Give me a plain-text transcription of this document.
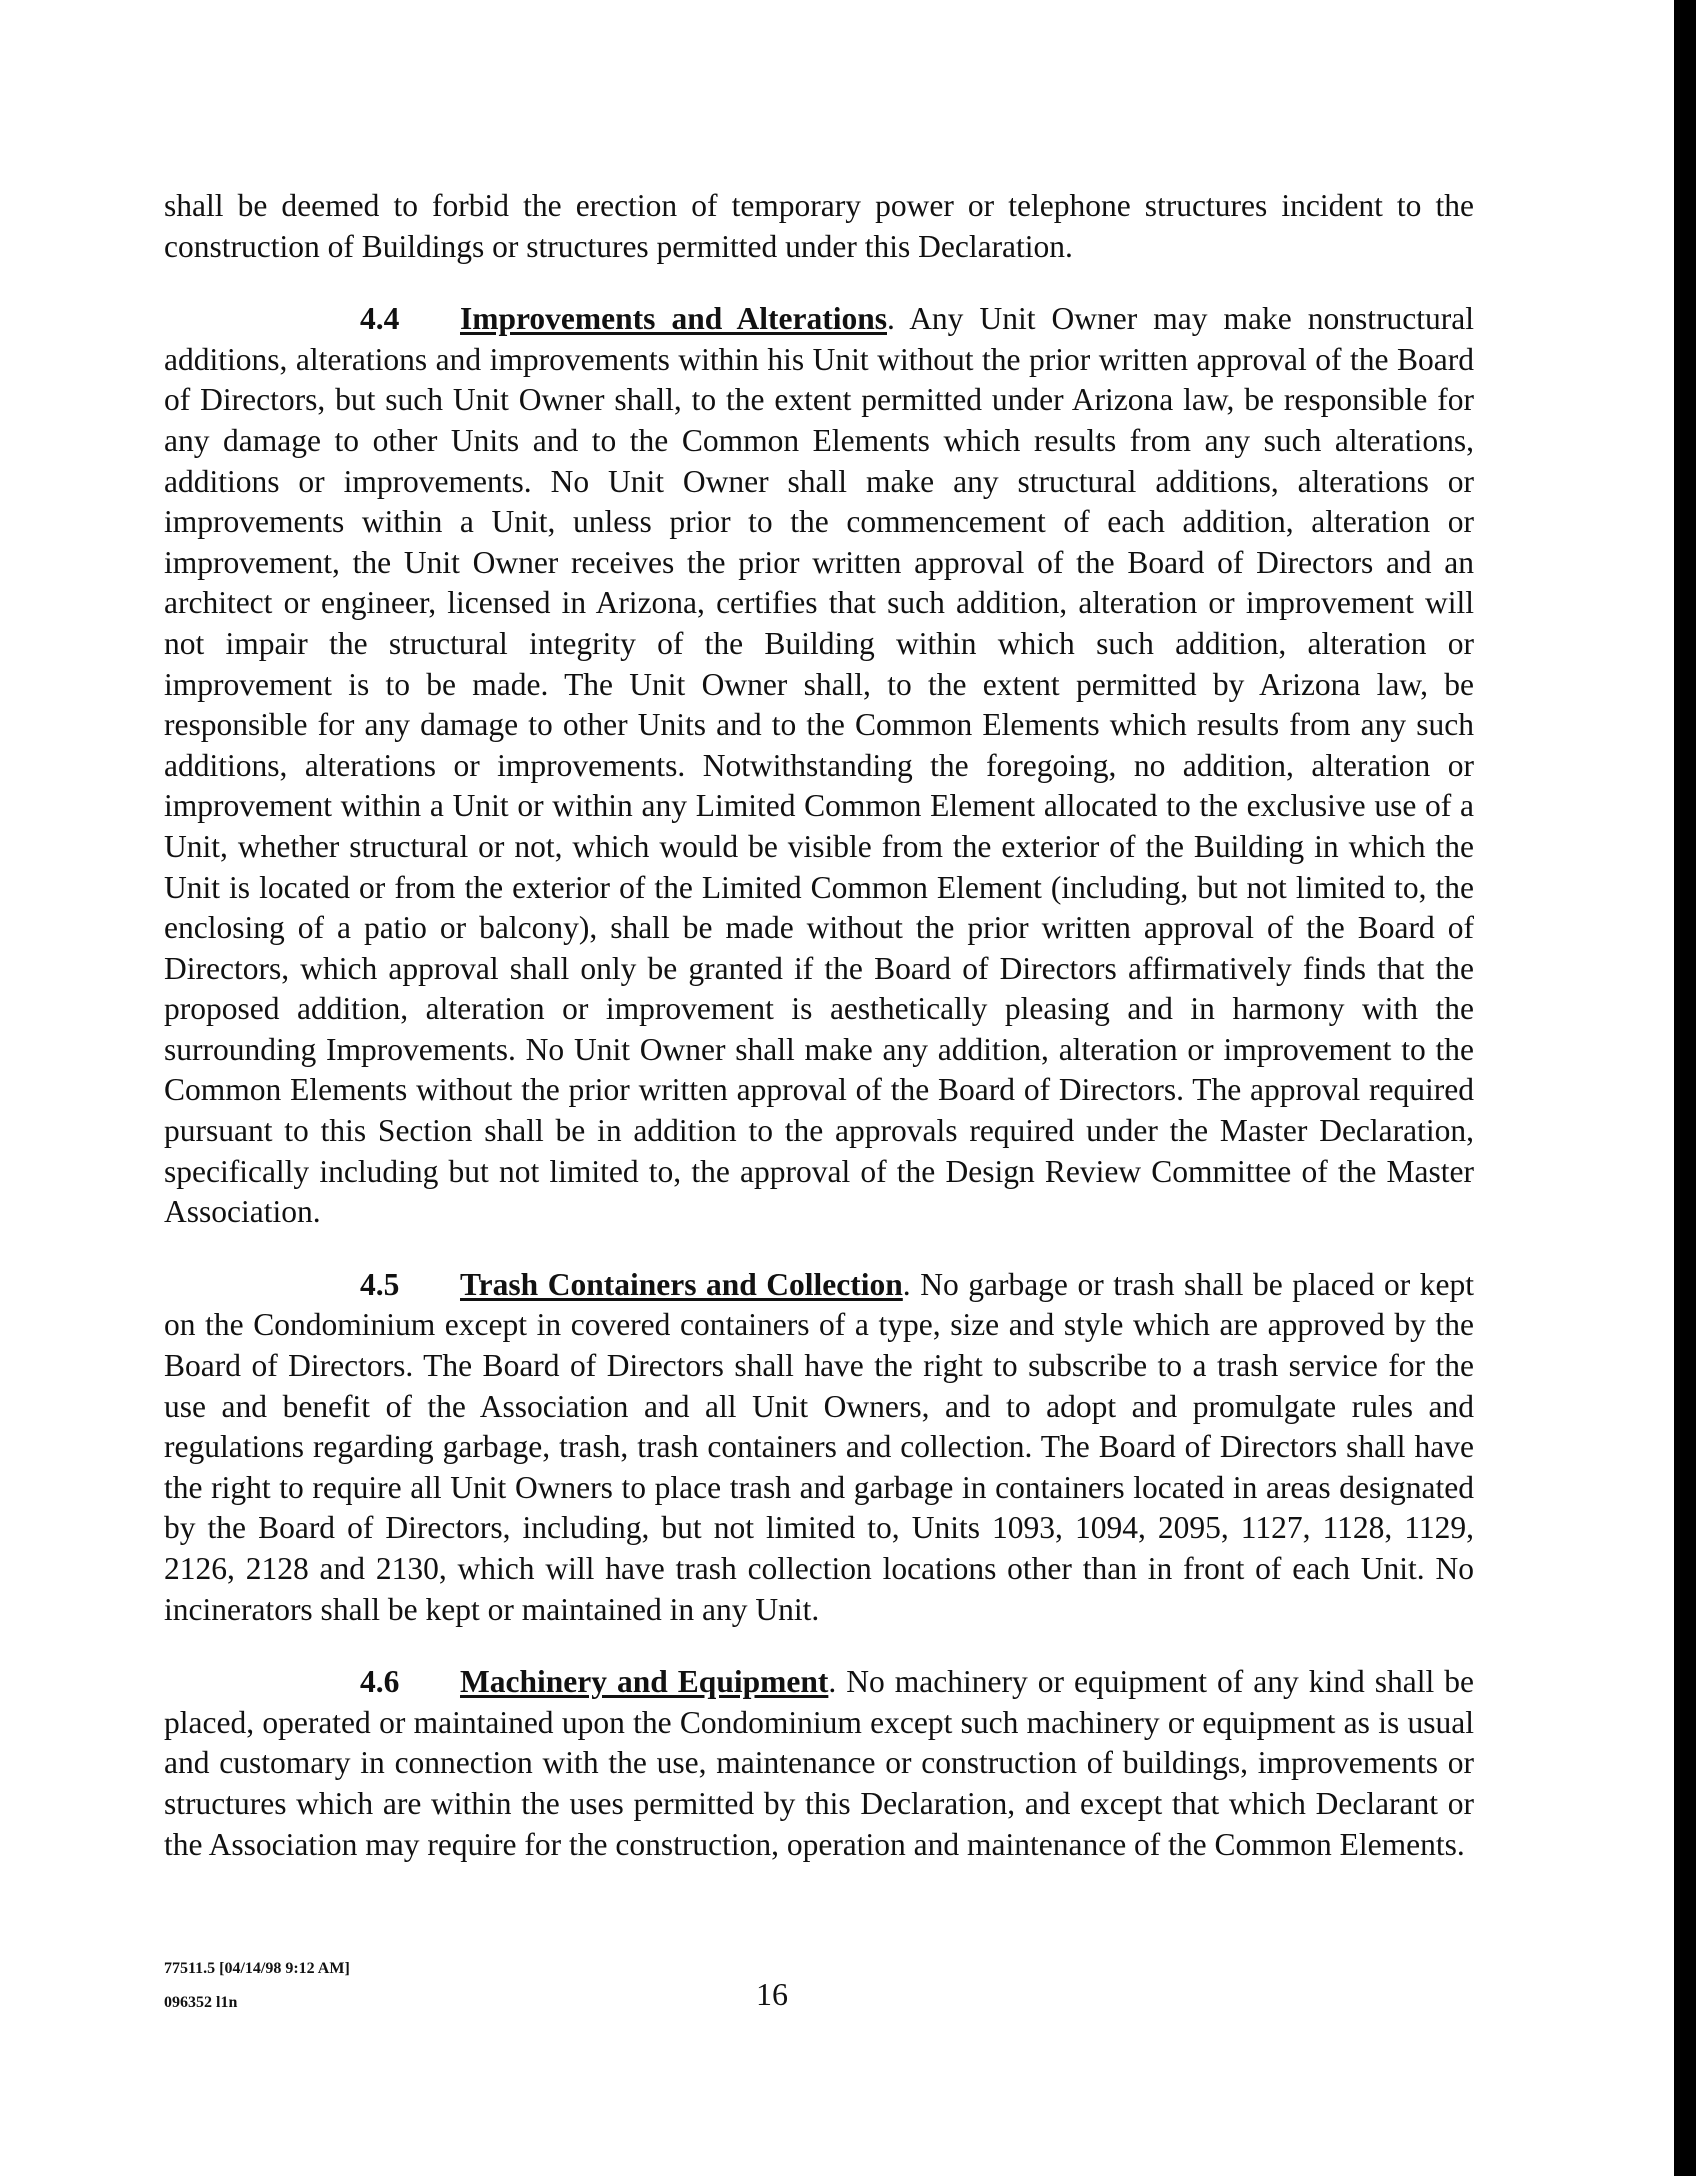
shall be deemed to forbid the erection of temporary power or telephone structures incident to the construction of Buildings or structures permitted under this Declaration.

4.4 Improvements and Alterations. Any Unit Owner may make nonstructural additions, alterations and improvements within his Unit without the prior written approval of the Board of Directors, but such Unit Owner shall, to the extent permitted under Arizona law, be responsible for any damage to other Units and to the Common Elements which results from any such alterations, additions or improvements. No Unit Owner shall make any structural additions, alterations or improvements within a Unit, unless prior to the commencement of each addition, alteration or improvement, the Unit Owner receives the prior written approval of the Board of Directors and an architect or engineer, licensed in Arizona, certifies that such addition, alteration or improvement will not impair the structural integrity of the Building within which such addition, alteration or improvement is to be made. The Unit Owner shall, to the extent permitted by Arizona law, be responsible for any damage to other Units and to the Common Elements which results from any such additions, alterations or improvements. Notwithstanding the foregoing, no addition, alteration or improvement within a Unit or within any Limited Common Element allocated to the exclusive use of a Unit, whether structural or not, which would be visible from the exterior of the Building in which the Unit is located or from the exterior of the Limited Common Element (including, but not limited to, the enclosing of a patio or balcony), shall be made without the prior written approval of the Board of Directors, which approval shall only be granted if the Board of Directors affirmatively finds that the proposed addition, alteration or improvement is aesthetically pleasing and in harmony with the surrounding Improvements. No Unit Owner shall make any addition, alteration or improvement to the Common Elements without the prior written approval of the Board of Directors. The approval required pursuant to this Section shall be in addition to the approvals required under the Master Declaration, specifically including but not limited to, the approval of the Design Review Committee of the Master Association.

4.5 Trash Containers and Collection. No garbage or trash shall be placed or kept on the Condominium except in covered containers of a type, size and style which are approved by the Board of Directors. The Board of Directors shall have the right to subscribe to a trash service for the use and benefit of the Association and all Unit Owners, and to adopt and promulgate rules and regulations regarding garbage, trash, trash containers and collection. The Board of Directors shall have the right to require all Unit Owners to place trash and garbage in containers located in areas designated by the Board of Directors, including, but not limited to, Units 1093, 1094, 2095, 1127, 1128, 1129, 2126, 2128 and 2130, which will have trash collection locations other than in front of each Unit. No incinerators shall be kept or maintained in any Unit.

4.6 Machinery and Equipment. No machinery or equipment of any kind shall be placed, operated or maintained upon the Condominium except such machinery or equipment as is usual and customary in connection with the use, maintenance or construction of buildings, improvements or structures which are within the uses permitted by this Declaration, and except that which Declarant or the Association may require for the construction, operation and maintenance of the Common Elements.

77511.5 [04/14/98 9:12 AM]
096352 l1n	16
